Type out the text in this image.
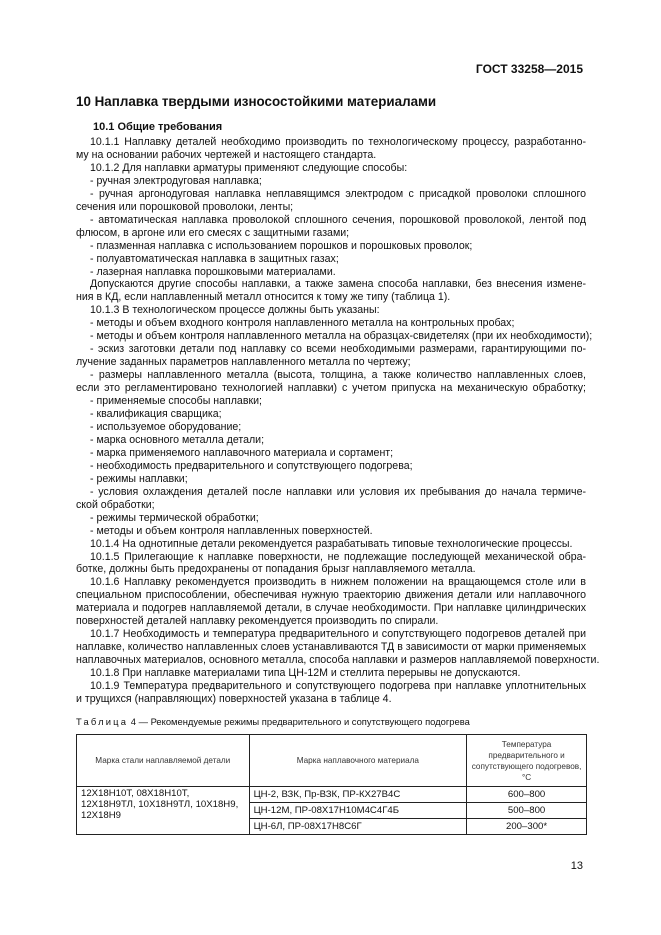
ГОСТ 33258—2015
10 Наплавка твердыми износостойкими материалами
10.1 Общие требования

10.1.1 Наплавку деталей необходимо производить по технологическому процессу, разработанно-

му на основании рабочих чертежей и настоящего стандарта.

10.1.2 Для наплавки арматуры применяют следующие способы:

- ручная электродуговая наплавка;

- ручная аргонодуговая наплавка неплавящимся электродом с присадкой проволоки сплошного

сечения или порошковой проволоки, ленты;

- автоматическая наплавка проволокой сплошного сечения, порошковой проволокой, лентой под

флюсом, в аргоне или его смесях с защитными газами;

- плазменная наплавка с использованием порошков и порошковых проволок;

- полуавтоматическая наплавка в защитных газах;

- лазерная наплавка порошковыми материалами.

Допускаются другие способы наплавки, а также замена способа наплавки, без внесения измене-

ния в КД, если наплавленный металл относится к тому же типу (таблица 1).

10.1.3 В технологическом процессе должны быть указаны:

- методы и объем входного контроля наплавленного металла на контрольных пробах;

- методы и объем контроля наплавленного металла на образцах-свидетелях (при их необходимости);

- эскиз заготовки детали под наплавку со всеми необходимыми размерами, гарантирующими по-

лучение заданных параметров наплавленного металла по чертежу;

- размеры наплавленного металла (высота, толщина, а также количество наплавленных слоев,

если это регламентировано технологией наплавки) с учетом припуска на механическую обработку;

- применяемые способы наплавки;

- квалификация сварщика;

- используемое оборудование;

- марка основного металла детали;

- марка применяемого наплавочного материала и сортамент;

- необходимость предварительного и сопутствующего подогрева;

- режимы наплавки;

- условия охлаждения деталей после наплавки или условия их пребывания до начала термиче-

ской обработки;

- режимы термической обработки;

- методы и объем контроля наплавленных поверхностей.

10.1.4 На однотипные детали рекомендуется разрабатывать типовые технологические процессы.

10.1.5 Прилегающие к наплавке поверхности, не подлежащие последующей механической обра-

ботке, должны быть предохранены от попадания брызг наплавляемого металла.

10.1.6 Наплавку рекомендуется производить в нижнем положении на вращающемся столе или в

специальном приспособлении, обеспечивая нужную траекторию движения детали или наплавочного

материала и подогрев наплавляемой детали, в случае необходимости. При наплавке цилиндрических

поверхностей деталей наплавку рекомендуется производить по спирали.

10.1.7 Необходимость и температура предварительного и сопутствующего подогревов деталей при

наплавке, количество наплавленных слоев устанавливаются ТД в зависимости от марки применяемых

наплавочных материалов, основного металла, способа наплавки и размеров наплавляемой поверхности.

10.1.8 При наплавке материалами типа ЦН-12М и стеллита перерывы не допускаются.

10.1.9 Температура предварительного и сопутствующего подогрева при наплавке уплотнительных

и трущихся (направляющих) поверхностей указана в таблице 4.

Таблица 4 — Рекомендуемые режимы предварительного и сопутствующего подогрева
Марка стали наплавляемой детали	Марка наплавочного материала	Температура предварительного и сопутствующего подогревов, °С
12Х18Н10Т, 08Х18Н10Т, 12Х18Н9ТЛ, 10Х18Н9ТЛ, 10Х18Н9, 12Х18Н9	ЦН-2, ВЗК, Пр-ВЗК, ПР-КХ27В4С	600–800
	ЦН-12М, ПР-08Х17Н10М4С4Г4Б	500–800
	ЦН-6Л, ПР-08Х17Н8С6Г	200–300*
13
